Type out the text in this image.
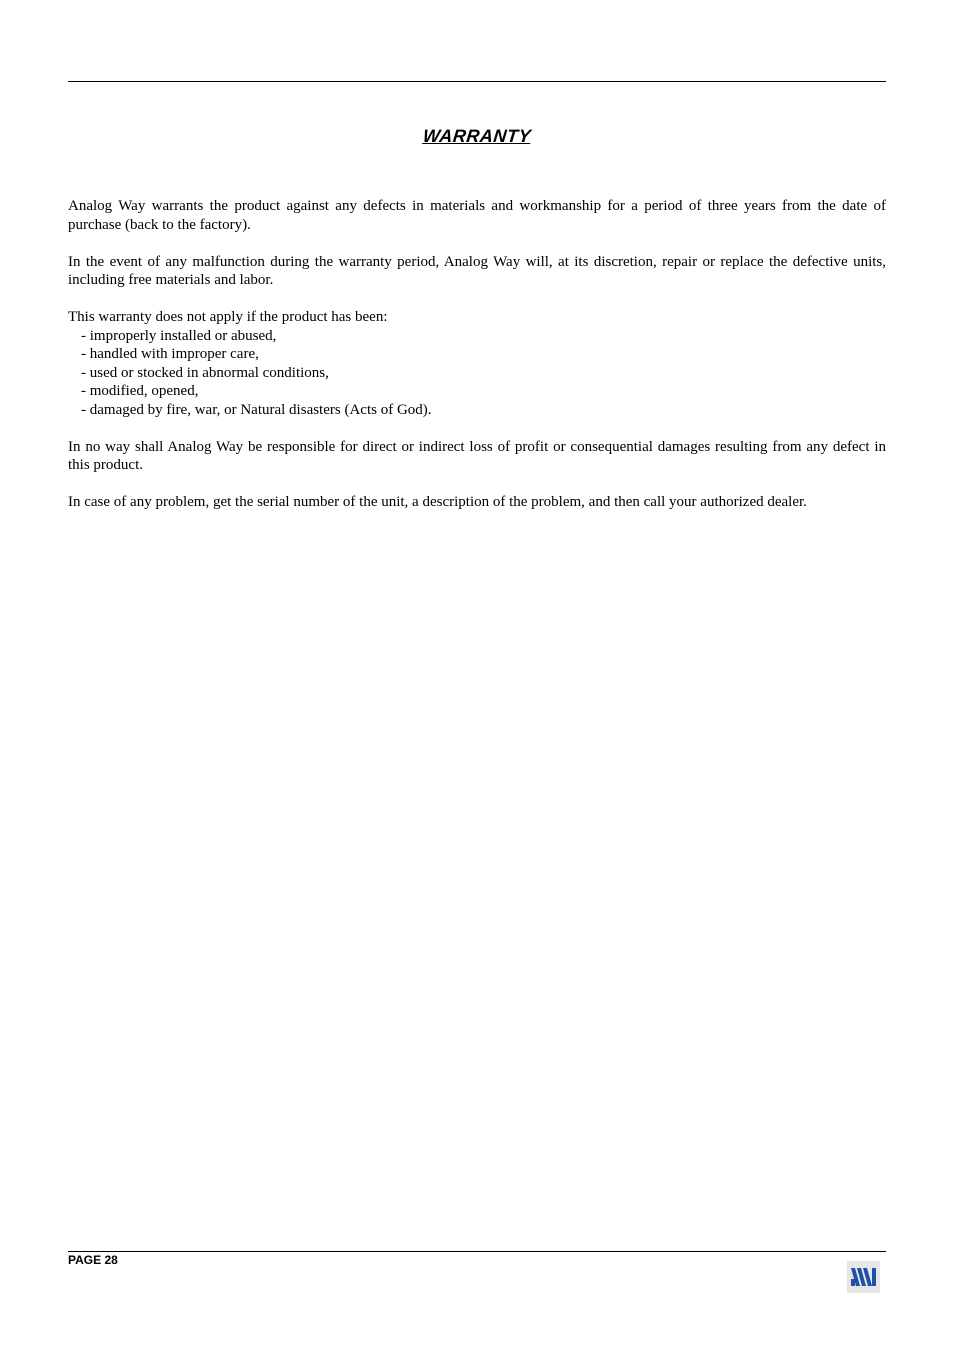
WARRANTY

Analog Way warrants the product against any defects in materials and workmanship for a period of three years from the date of purchase (back to the factory).

In the event of any malfunction during the warranty period, Analog Way will, at its discretion, repair or replace the defective units, including free materials and labor.

This warranty does not apply if the product has been:

- improperly installed or abused,
- handled with improper care,
- used or stocked in abnormal conditions,
- modified, opened,
- damaged by fire, war, or Natural disasters (Acts of God).

In no way shall Analog Way be responsible for direct or indirect loss of profit or consequential damages resulting from any defect in this product.

In case of any problem, get the serial number of the unit, a description of the problem, and then call your authorized dealer.

PAGE 28
